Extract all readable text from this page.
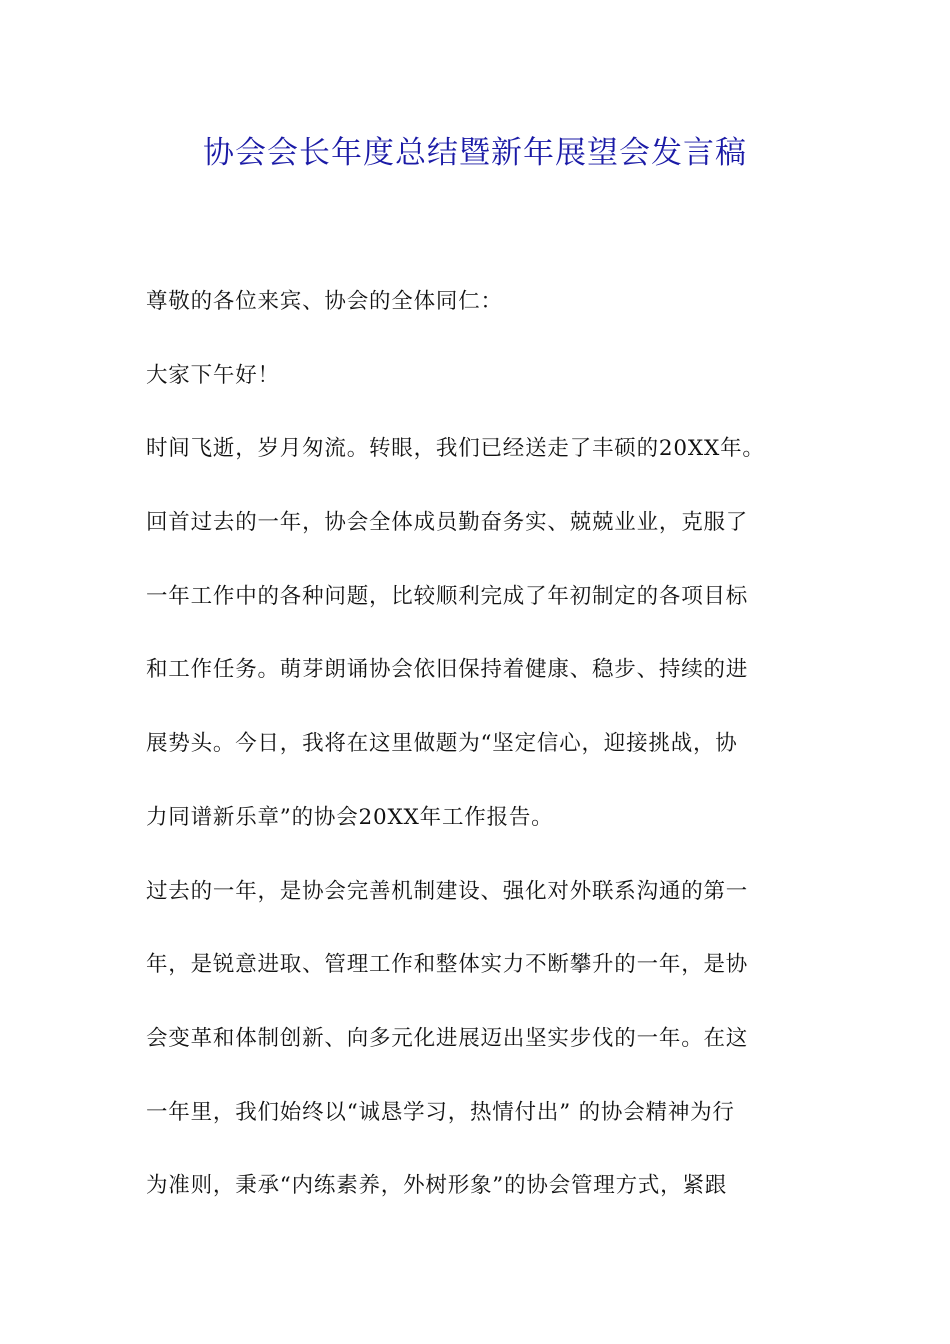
协会会长年度总结暨新年展望会发言稿
尊敬的各位来宾、协会的全体同仁：
大家下午好！
时间飞逝，岁月匆流。转眼，我们已经送走了丰硕的20XX年。
回首过去的一年，协会全体成员勤奋务实、兢兢业业，克服了
一年工作中的各种问题，比较顺利完成了年初制定的各项目标
和工作任务。萌芽朗诵协会依旧保持着健康、稳步、持续的进
展势头。今日，我将在这里做题为“坚定信心，迎接挑战，协
力同谱新乐章”的协会20XX年工作报告。
过去的一年，是协会完善机制建设、强化对外联系沟通的第一
年，是锐意进取、管理工作和整体实力不断攀升的一年，是协
会变革和体制创新、向多元化进展迈出坚实步伐的一年。在这
一年里，我们始终以“诚恳学习，热情付出” 的协会精神为行
为准则，秉承“内练素养，外树形象”的协会管理方式，紧跟
